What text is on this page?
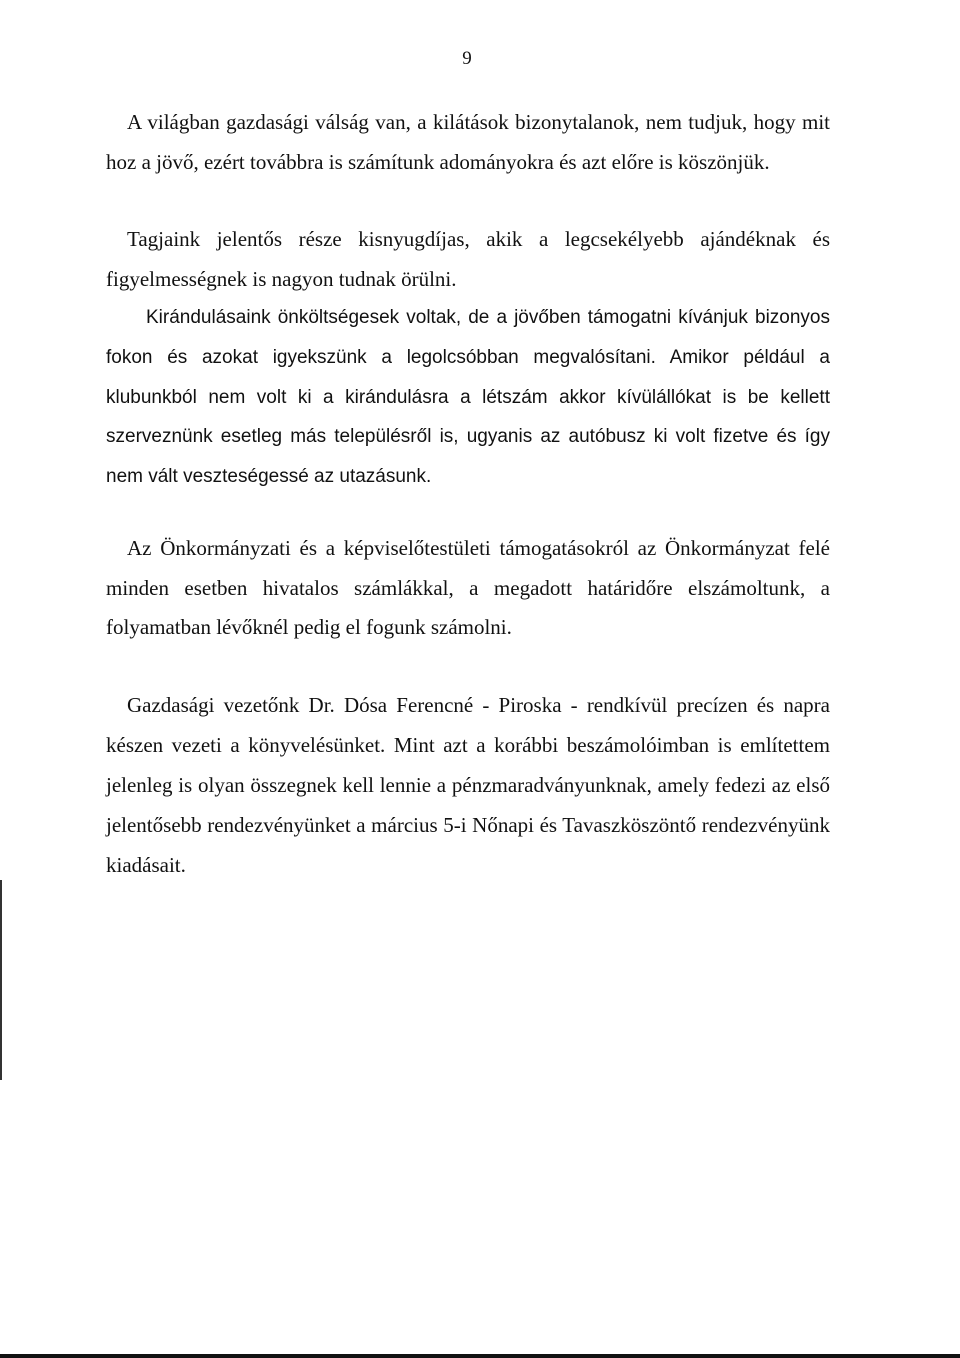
9

A világban gazdasági válság van, a kilátások bizonytalanok, nem tudjuk, hogy mit hoz a jövő, ezért továbbra is számítunk adományokra és azt előre is köszönjük.

Tagjaink jelentős része kisnyugdíjas, akik a legcsekélyebb ajándéknak és figyelmességnek is nagyon tudnak örülni.

Kirándulásaink önköltségesek voltak, de a jövőben támogatni kívánjuk bizonyos fokon és azokat igyekszünk a legolcsóbban megvalósítani. Amikor például a klubunkból nem volt ki a kirándulásra a létszám akkor kívülállókat is be kellett szerveznünk esetleg más településről is, ugyanis az autóbusz ki volt fizetve és így nem vált veszteségessé az utazásunk.

Az Önkormányzati és a képviselőtestületi támogatásokról az Önkormányzat felé minden esetben hivatalos számlákkal, a megadott határidőre elszámoltunk, a folyamatban lévőknél pedig el fogunk számolni.

Gazdasági vezetőnk Dr. Dósa Ferencné - Piroska - rendkívül precízen és napra készen vezeti a könyvelésünket. Mint azt a korábbi beszámolóimban is említettem jelenleg is olyan összegnek kell lennie a pénzmaradványunknak, amely fedezi az első jelentősebb rendezvényünket a március 5-i Nőnapi és Tavaszköszöntő rendezvényünk kiadásait.
